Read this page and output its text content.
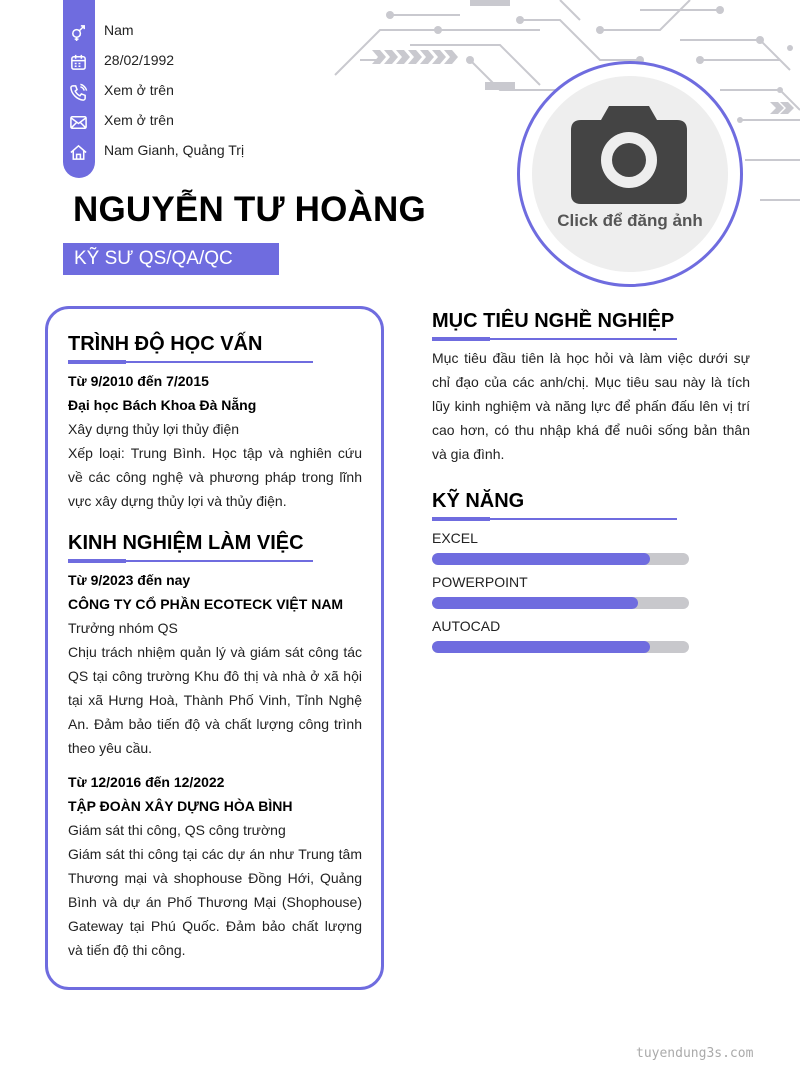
Nam
28/02/1992
Xem ở trên
Xem ở trên
Nam Gianh, Quảng Trị
NGUYỄN TƯ HOÀNG
KỸ SƯ QS/QA/QC
Click để đăng ảnh
TRÌNH ĐỘ HỌC VẤN
Từ 9/2010 đến 7/2015
Đại học Bách Khoa Đà Nẵng
Xây dựng thủy lợi thủy điện
Xếp loại: Trung Bình. Học tập và nghiên cứu về các công nghệ và phương pháp trong lĩnh vực xây dựng thủy lợi và thủy điện.
KINH NGHIỆM LÀM VIỆC
Từ 9/2023 đến nay
CÔNG TY CỔ PHẦN ECOTECK VIỆT NAM
Trưởng nhóm QS
Chịu trách nhiệm quản lý và giám sát công tác QS tại công trường Khu đô thị và nhà ở xã hội tại xã Hưng Hoà, Thành Phố Vinh, Tỉnh Nghệ An. Đảm bảo tiến độ và chất lượng công trình theo yêu cầu.
Từ 12/2016 đến 12/2022
TẬP ĐOÀN XÂY DỰNG HÒA BÌNH
Giám sát thi công, QS công trường
Giám sát thi công tại các dự án như Trung tâm Thương mại và shophouse Đồng Hới, Quảng Bình và dự án Phố Thương Mại (Shophouse) Gateway tại Phú Quốc. Đảm bảo chất lượng và tiến độ thi công.
MỤC TIÊU NGHỀ NGHIỆP
Mục tiêu đầu tiên là học hỏi và làm việc dưới sự chỉ đạo của các anh/chị. Mục tiêu sau này là tích lũy kinh nghiệm và năng lực để phấn đấu lên vị trí cao hơn, có thu nhập khá để nuôi sống bản thân và gia đình.
KỸ NĂNG
EXCEL
POWERPOINT
AUTOCAD
tuyendung3s.com
